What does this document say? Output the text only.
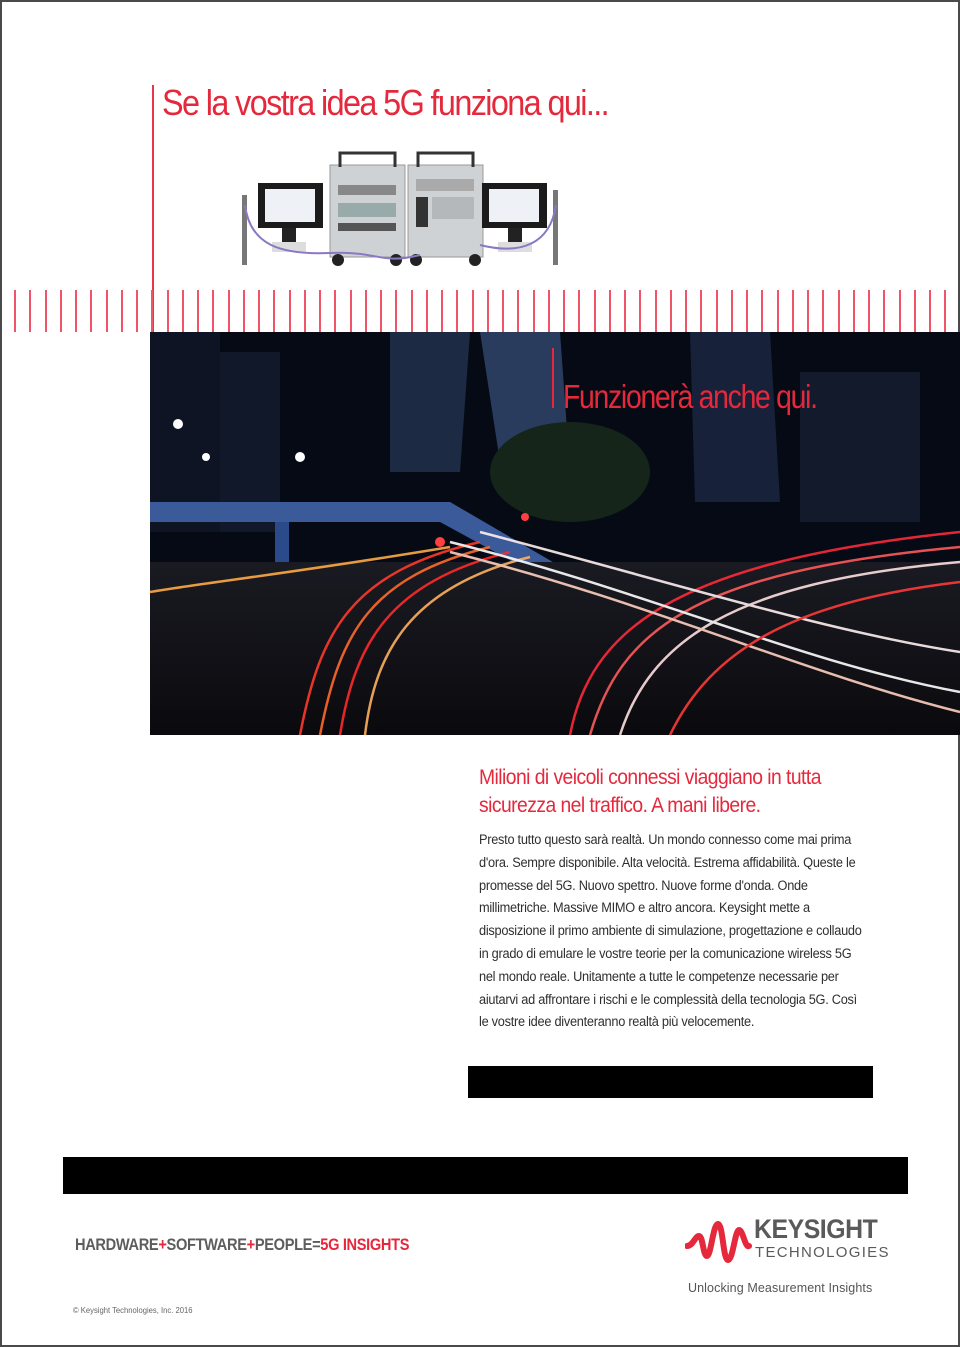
Se la vostra idea 5G funziona qui...
Funzionerà anche qui.
Milioni di veicoli connessi viaggiano in tutta sicurezza nel traffico. A mani libere.
Presto tutto questo sarà realtà. Un mondo connesso come mai prima d'ora. Sempre disponibile. Alta velocità. Estrema affidabilità. Queste le promesse del 5G. Nuovo spettro. Nuove forme d'onda. Onde millimetriche. Massive MIMO e altro ancora. Keysight mette a disposizione il primo ambiente di simulazione, progettazione e collaudo in grado di emulare le vostre teorie per la comunicazione wireless 5G nel mondo reale. Unitamente a tutte le competenze necessarie per aiutarvi ad affrontare i rischi e le complessità della tecnologia 5G. Così le vostre idee diventeranno realtà più velocemente.
HARDWARE+SOFTWARE+PEOPLE=5G INSIGHTS
KEYSIGHT
TECHNOLOGIES
Unlocking Measurement Insights
© Keysight Technologies, Inc. 2016
